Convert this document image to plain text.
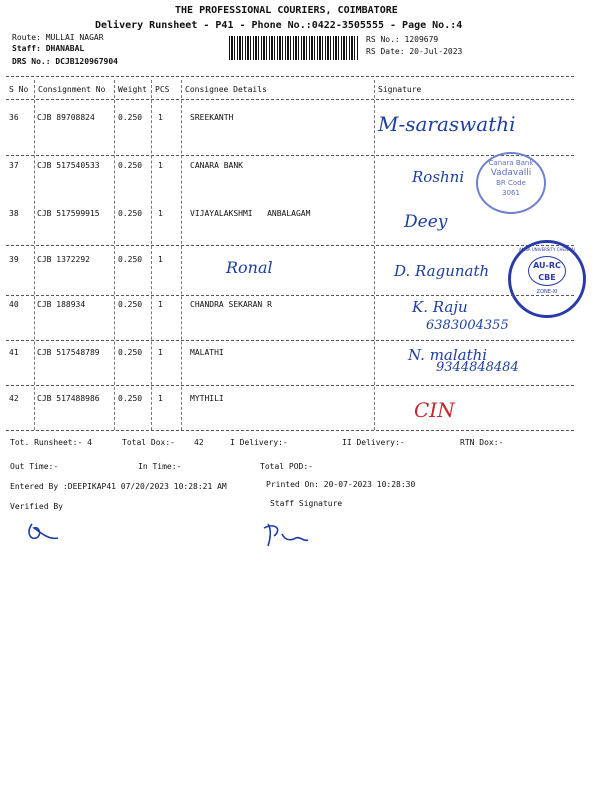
THE PROFESSIONAL COURIERS, COIMBATORE
Delivery Runsheet - P41 - Phone No.:0422-3505555 - Page No.:4
Route: MULLAI NAGAR
Staff: DHANABAL
DRS No.: DCJB120967904
RS No.: 1209679
RS Date: 20-Jul-2023
S No Consignment No Weight PCS Consignee Details	Signature
36 CJB 89708824	0.250 1	SREEKANTH	M-saraswathi
37 CJB 517540533 0.250 1	CANARA BANK
Roshni
Canara Bank
Vadavalli
BR Code
3061
38 CJB 517599915 0.250 1	VIJAYALAKSHMI   ANBALAGAM	Deey
39 CJB 1372292	0.250 1	Ronal	D. Ragunath
ANNA UNIVERSITY CHENNAI
AU-RC
CBE
ZONE-XI
40 CJB 188934	0.250 1	CHANDRA SEKARAN R	K. Raju
6383004355
41 CJB 517548789 0.250 1	MALATHI	N. malathi
9344848484
42 CJB 517488986 0.250 1	MYTHILI	CIN
Tot. Runsheet:- 4	Total Dox:- 42	I Delivery:-	II Delivery:-	RTN Dox:-
Out Time:-	In Time:-	Total POD:-
Entered By :DEEPIKAP41 07/20/2023 10:28:21 AM	Printed On: 20-07-2023 10:28:30
Verified By	Staff Signature
